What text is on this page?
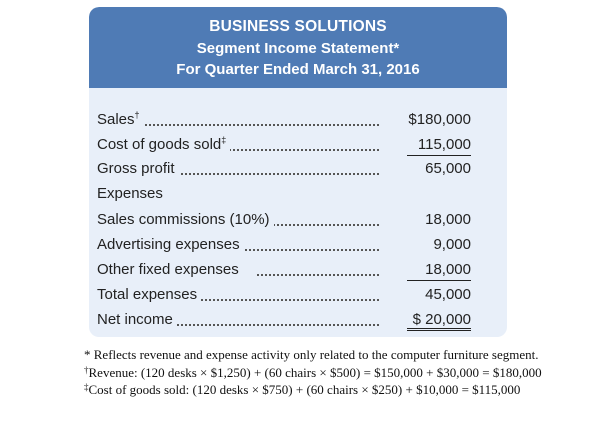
BUSINESS SOLUTIONS
Segment Income Statement*
For Quarter Ended March 31, 2016
Sales†	$180,000
Cost of goods sold‡	115,000
Gross profit	65,000
Expenses
Sales commissions (10%)	18,000
Advertising expenses	9,000
Other fixed expenses	18,000
Total expenses	45,000
Net income	$ 20,000
* Reflects revenue and expense activity only related to the computer furniture segment.
†Revenue: (120 desks × $1,250) + (60 chairs × $500) = $150,000 + $30,000 = $180,000
‡Cost of goods sold: (120 desks × $750) + (60 chairs × $250) + $10,000 = $115,000
